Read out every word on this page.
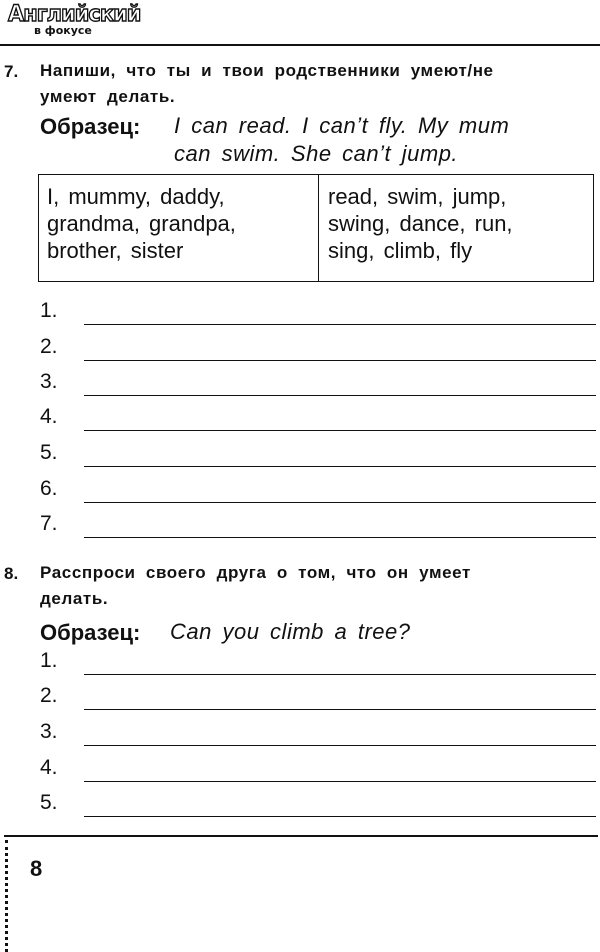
Английский
в фокусе
7. Напиши, что ты и твои родственники умеют/не
умеют делать.
Образец: I can read. I can’t fly. My mum
can swim. She can’t jump.
I, mummy, daddy,
grandma, grandpa,
brother, sister
read, swim, jump,
swing, dance, run,
sing, climb, fly
1.
2.
3.
4.
5.
6.
7.
8. Расспроси своего друга о том, что он умеет
делать.
Образец: Can you climb a tree?
1.
2.
3.
4.
5.
8
